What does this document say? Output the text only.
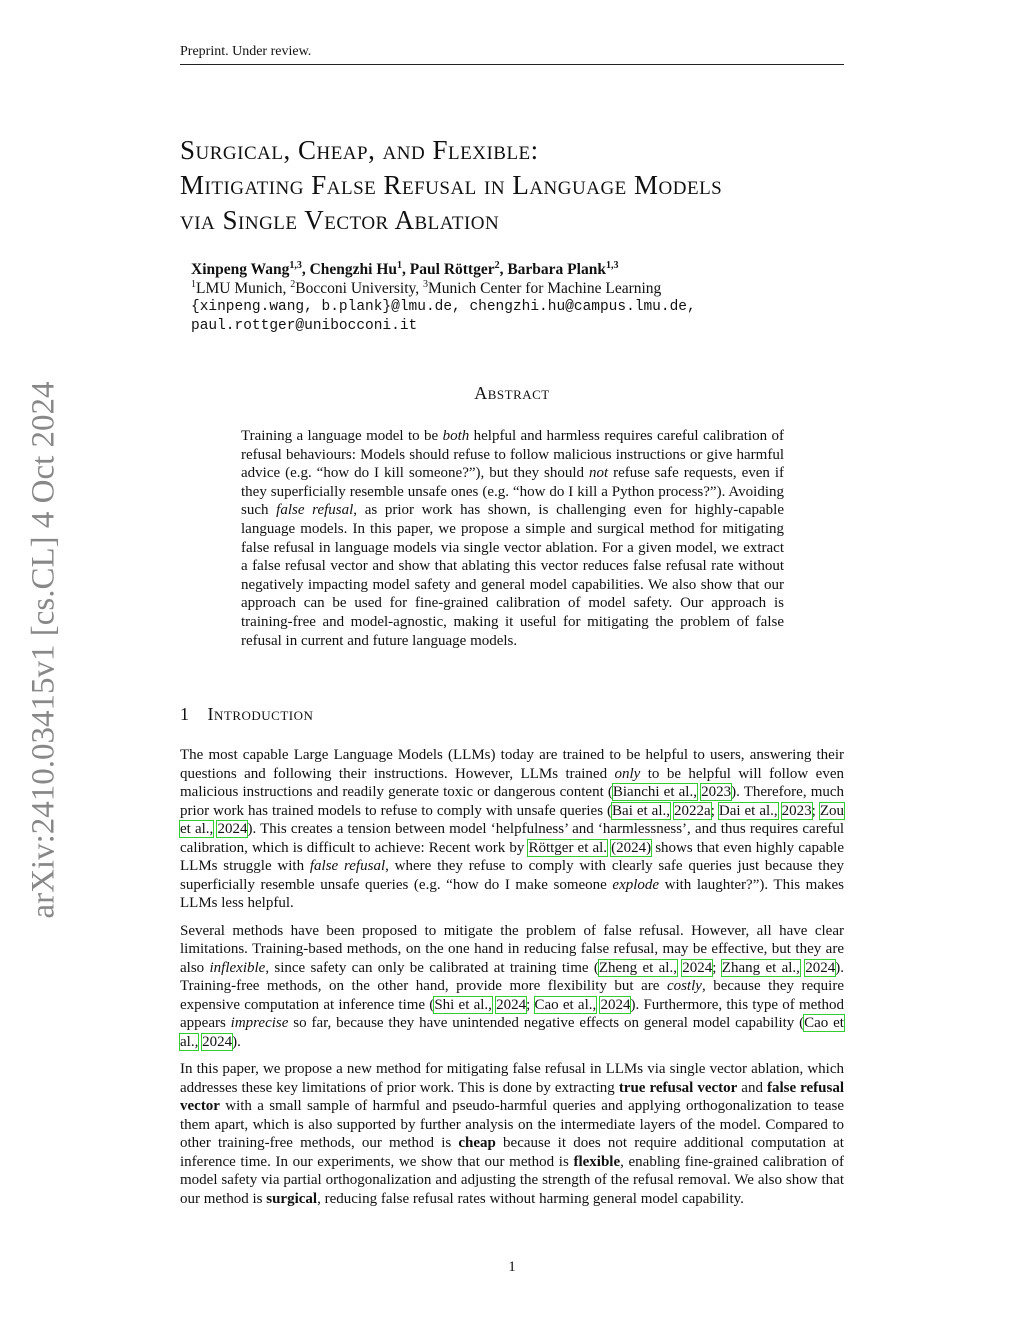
Preprint. Under review.
arXiv:2410.03415v1 [cs.CL] 4 Oct 2024
Surgical, Cheap, and Flexible:
Mitigating False Refusal in Language Models
via Single Vector Ablation
Xinpeng Wang$^{1,3}$, Chengzhi Hu$^1$, Paul Röttger$^2$, Barbara Plank$^{1,3}$
$^1$LMU Munich, $^2$Bocconi University, $^3$Munich Center for Machine Learning
{xinpeng.wang, b.plank}@lmu.de, chengzhi.hu@campus.lmu.de,
paul.rottger@unibocconi.it
Abstract

Training a language model to be both helpful and harmless requires careful calibration of refusal behaviours: Models should refuse to follow malicious instructions or give harmful advice (e.g. “how do I kill someone?”), but they should not refuse safe requests, even if they superficially resemble unsafe ones (e.g. “how do I kill a Python process?”). Avoiding such false refusal, as prior work has shown, is challenging even for highly-capable language models. In this paper, we propose a simple and surgical method for mitigating false refusal in language models via single vector ablation. For a given model, we extract a false refusal vector and show that ablating this vector reduces false refusal rate without negatively impacting model safety and general model capabilities. We also show that our approach can be used for fine-grained calibration of model safety. Our approach is training-free and model-agnostic, making it useful for mitigating the problem of false refusal in current and future language models.

1 Introduction

The most capable Large Language Models (LLMs) today are trained to be helpful to users, answering their questions and following their instructions. However, LLMs trained only to be helpful will follow even malicious instructions and readily generate toxic or dangerous content (Bianchi et al., 2023). Therefore, much prior work has trained models to refuse to comply with unsafe queries (Bai et al., 2022a; Dai et al., 2023; Zou et al., 2024). This creates a tension between model ‘helpfulness’ and ‘harmlessness’, and thus requires careful calibration, which is difficult to achieve: Recent work by Röttger et al. (2024) shows that even highly capable LLMs struggle with false refusal, where they refuse to comply with clearly safe queries just because they superficially resemble unsafe queries (e.g. “how do I make someone explode with laughter?”). This makes LLMs less helpful.

Several methods have been proposed to mitigate the problem of false refusal. However, all have clear limitations. Training-based methods, on the one hand in reducing false refusal, may be effective, but they are also inflexible, since safety can only be calibrated at training time (Zheng et al., 2024; Zhang et al., 2024). Training-free methods, on the other hand, provide more flexibility but are costly, because they require expensive computation at inference time (Shi et al., 2024; Cao et al., 2024). Furthermore, this type of method appears imprecise so far, because they have unintended negative effects on general model capability (Cao et al., 2024).

In this paper, we propose a new method for mitigating false refusal in LLMs via single vector ablation, which addresses these key limitations of prior work. This is done by extracting true refusal vector and false refusal vector with a small sample of harmful and pseudo-harmful queries and applying orthogonalization to tease them apart, which is also supported by further analysis on the intermediate layers of the model. Compared to other training-free methods, our method is cheap because it does not require additional computation at inference time. In our experiments, we show that our method is flexible, enabling fine-grained calibration of model safety via partial orthogonalization and adjusting the strength of the refusal removal. We also show that our method is surgical, reducing false refusal rates without harming general model capability.

1
